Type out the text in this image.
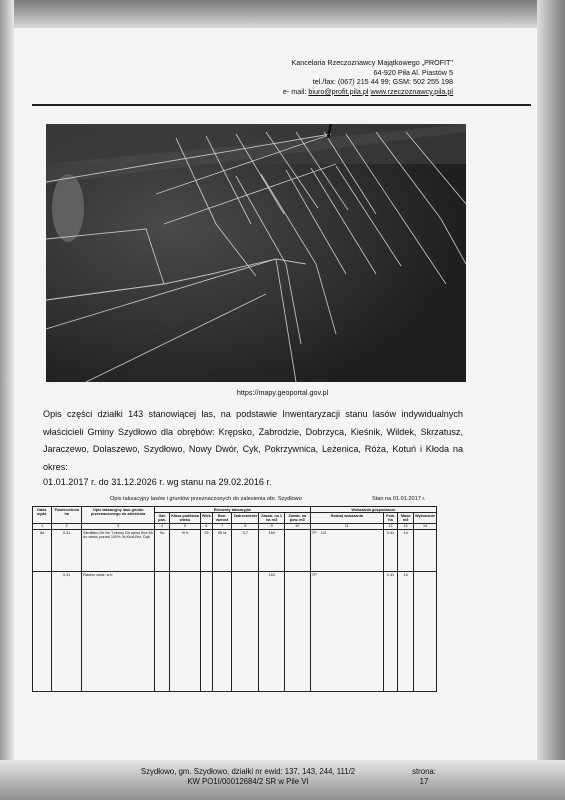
Kancelaria Rzeczoznawcy Majątkowego „PROFIT"
64-920 Piła Al. Piastów 5
tel./fax: (067) 215 44 99; GSM: 502 255 198
e- mail: biuro@profit.pila.pl www.rzeczoznawcy.pila.pl
https://mapy.geoportal.gov.pl
Opis części działki 143 stanowiącej las, na podstawie Inwentaryzacji stanu lasów indywidualnych właścicieli Gminy Szydłowo dla obrębów: Krępsko, Zabrodzie, Dobrzyca, Kieśnik, Wildek, Skrzatusz, Jaraczewo, Dolaszewo, Szydłowo, Nowy Dwór, Cyk, Pokrzywnica, Leżenica, Róża, Kotuń i Kłoda na okres:
01.01.2017 r. do 31.12.2026 r. wg stanu na 29.02.2016 r.
Opis taksacyjny lasów i gruntów przeznaczonych do zalesienia obr. Szydłowo	Stan na 01.01.2017 r.
Oddz. wydz.	Powierzchnia ha	Opis taksacyjny lasu gruntu przeznaczonego do zalesienia	Elementy taksacyjne							Wskazania gospodarcze			
			Gat. pan.	Klasa podklasa wieku	Wiek	Bon. wzrost	Zadrzewienie	Zasob. na 1 ha m3	Zasob. na pow. m3	Rodzaj wskazania	Pow. ha	Masa m3	Wykonanie
1	2	3	4	5	6	7	8	9	10	11	12	13	14
8a	0,41	Siedlisko Db Bo T.zbiory Do opisu Bcz 65 do wieku ponad 100% Js,Kruś,Brz, Dąb	So	IV b	25	95 Ia	0,7	140		TP 1/4	0,41	14	
	0,41	Razem oddz. w tr						140		TP	0,41	14	
Szydłowo, gm. Szydłowo, działki nr ewid: 137, 143, 244, 111/2
KW PO1I/00012684/2 SR w Pile VI
strona:
17
